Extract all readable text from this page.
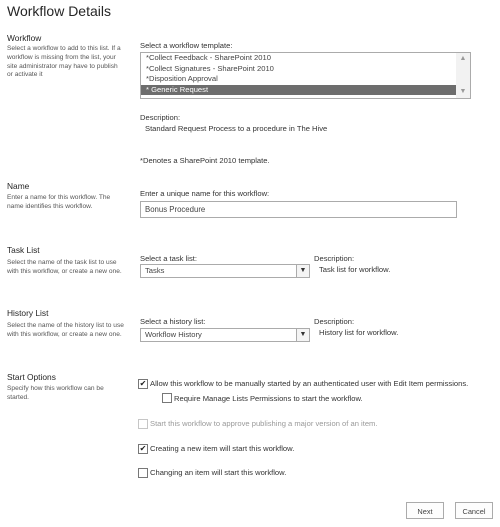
Workflow Details
Workflow
Select a workflow to add to this list. If a workflow is missing from the list, your site administrator may have to publish or activate it
Select a workflow template:
*Collect Feedback - SharePoint 2010
*Collect Signatures - SharePoint 2010
*Disposition Approval
* Generic Request
▲
▼
Description:
Standard Request Process to a procedure in The Hive
*Denotes a SharePoint 2010 template.
Name
Enter a name for this workflow. The name identifies this workflow.
Enter a unique name for this workflow:
Bonus Procedure
Task List
Select the name of the task list to use with this workflow, or create a new one.
Select a task list:
Tasks	▼
Description:
Task list for workflow.
History List
Select the name of the history list to use with this workflow, or create a new one.
Select a history list:
Workflow History	▼
Description:
History list for workflow.
Start Options
Specify how this workflow can be started.
✔ Allow this workflow to be manually started by an authenticated user with Edit Item permissions.
Require Manage Lists Permissions to start the workflow.
Start this workflow to approve publishing a major version of an item.
✔ Creating a new item will start this workflow.
Changing an item will start this workflow.
Next	Cancel
